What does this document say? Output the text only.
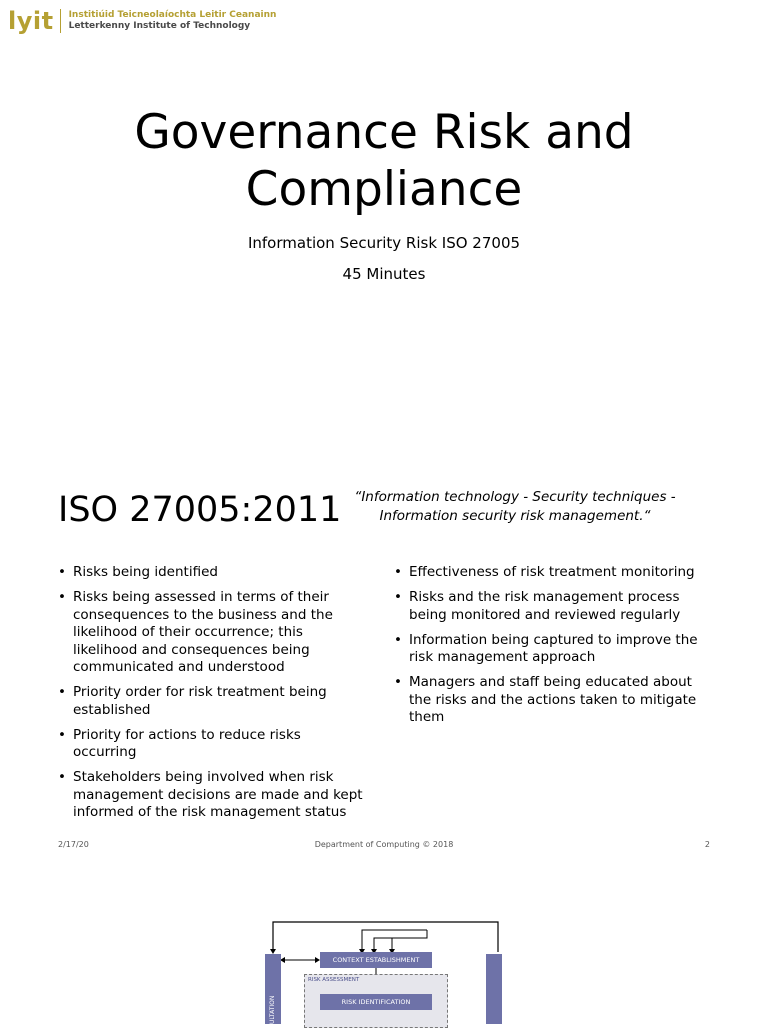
lyit Institiúid Teicneolaíochta Leitir Ceanainn
Letterkenny Institute of Technology
Governance Risk and
Compliance
Information Security Risk ISO 27005
45 Minutes
ISO 27005:2011 “Information technology - Security techniques -
Information security risk management.“
• Risks being identified
• Risks being assessed in terms of their consequences to the business and the likelihood of their occurrence; this likelihood and consequences being communicated and understood
• Priority order for risk treatment being established
• Priority for actions to reduce risks occurring
• Stakeholders being involved when risk management decisions are made and kept informed of the risk management status
• Effectiveness of risk treatment monitoring
• Risks and the risk management process being monitored and reviewed regularly
• Information being captured to improve the risk management approach
• Managers and staff being educated about the risks and the actions taken to mitigate them
2/17/20	Department of Computing © 2018	2
ULTATION
CONTEXT ESTABLISHMENT
RISK ASSESSMENT
RISK IDENTIFICATION
